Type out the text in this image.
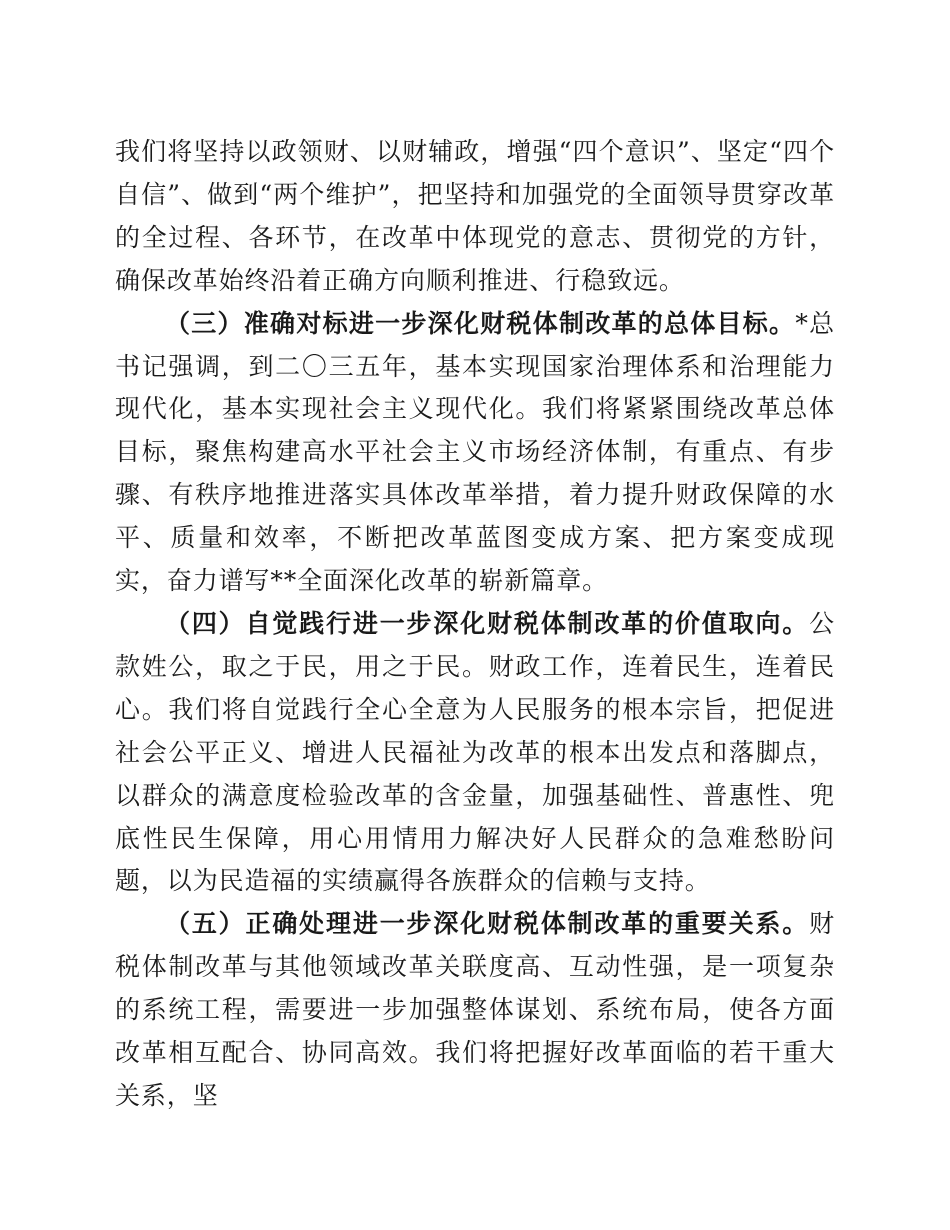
我们将坚持以政领财、以财辅政，增强“四个意识”、坚定“四个自信”、做到“两个维护”，把坚持和加强党的全面领导贯穿改革的全过程、各环节，在改革中体现党的意志、贯彻党的方针，确保改革始终沿着正确方向顺利推进、行稳致远。

（三）准确对标进一步深化财税体制改革的总体目标。*总书记强调，到二〇三五年，基本实现国家治理体系和治理能力现代化，基本实现社会主义现代化。我们将紧紧围绕改革总体目标，聚焦构建高水平社会主义市场经济体制，有重点、有步骤、有秩序地推进落实具体改革举措，着力提升财政保障的水平、质量和效率，不断把改革蓝图变成方案、把方案变成现实，奋力谱写**全面深化改革的崭新篇章。

（四）自觉践行进一步深化财税体制改革的价值取向。公款姓公，取之于民，用之于民。财政工作，连着民生，连着民心。我们将自觉践行全心全意为人民服务的根本宗旨，把促进社会公平正义、增进人民福祉为改革的根本出发点和落脚点，以群众的满意度检验改革的含金量，加强基础性、普惠性、兜底性民生保障，用心用情用力解决好人民群众的急难愁盼问题，以为民造福的实绩赢得各族群众的信赖与支持。

（五）正确处理进一步深化财税体制改革的重要关系。财税体制改革与其他领域改革关联度高、互动性强，是一项复杂的系统工程，需要进一步加强整体谋划、系统布局，使各方面改革相互配合、协同高效。我们将把握好改革面临的若干重大关系，坚
